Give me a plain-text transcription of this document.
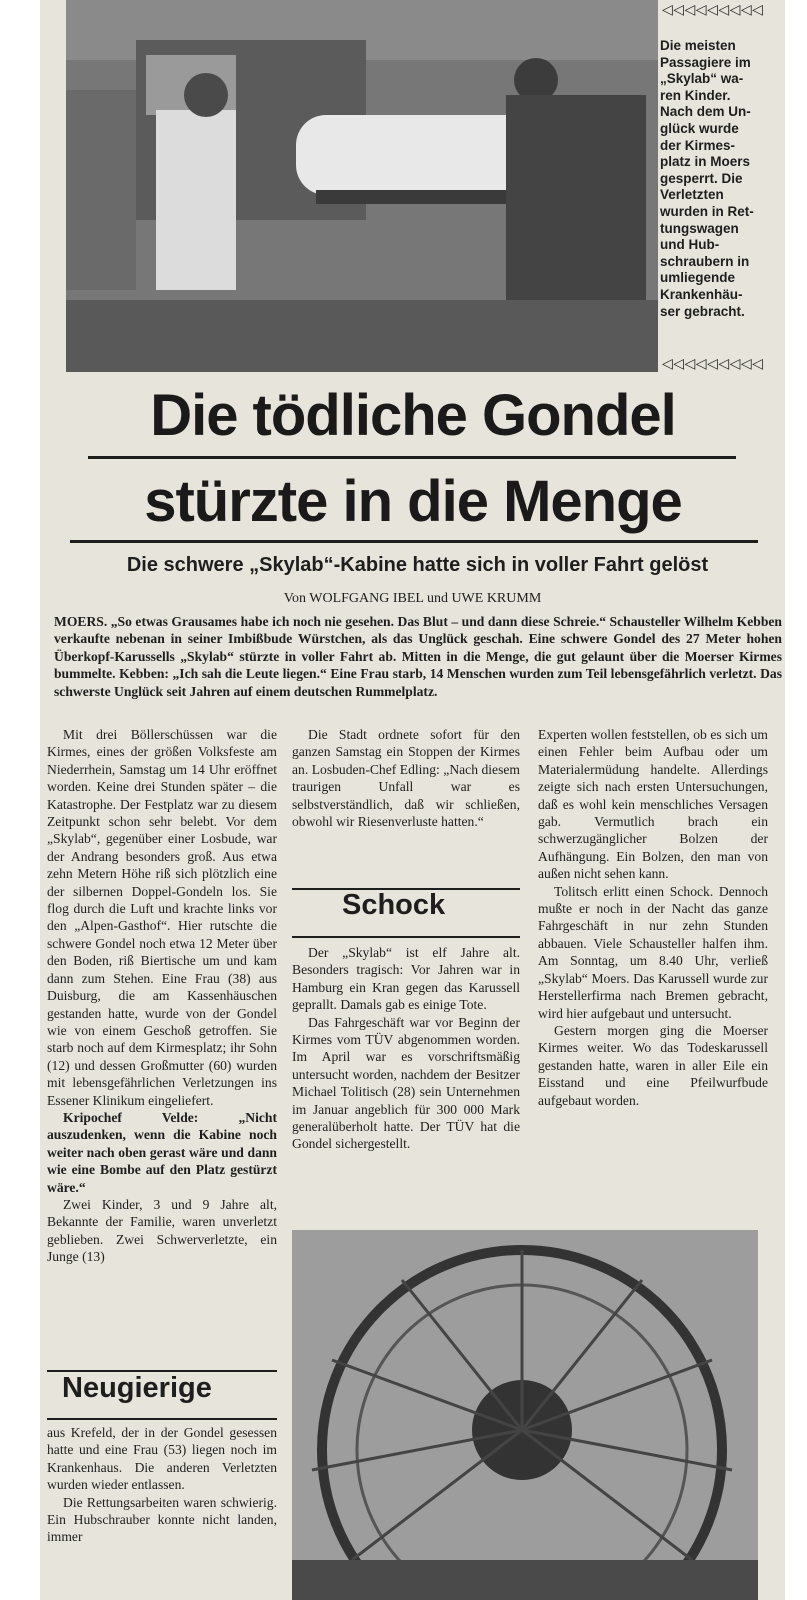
◁◁◁◁◁◁◁◁◁
Die meisten
Passagiere im
„Skylab“ wa-
ren Kinder.
Nach dem Un-
glück wurde
der Kirmes-
platz in Moers
gesperrt. Die
Verletzten
wurden in Ret-
tungswagen
und Hub-
schraubern in
umliegende
Krankenhäu-
ser gebracht.
◁◁◁◁◁◁◁◁◁
Die tödliche Gondel
stürzte in die Menge
Die schwere „Skylab“-Kabine hatte sich in voller Fahrt gelöst
Von WOLFGANG IBEL und UWE KRUMM
MOERS. „So etwas Grausames habe ich noch nie gesehen. Das Blut – und dann diese Schreie.“ Schausteller Wilhelm Kebben verkaufte nebenan in seiner Imbißbude Würstchen, als das Unglück geschah. Eine schwere Gondel des 27 Meter hohen Überkopf-Karussells „Skylab“ stürzte in voller Fahrt ab. Mitten in die Menge, die gut gelaunt über die Moerser Kirmes bummelte. Kebben: „Ich sah die Leute liegen.“ Eine Frau starb, 14 Menschen wurden zum Teil lebensgefährlich verletzt. Das schwerste Unglück seit Jahren auf einem deutschen Rummelplatz.

Mit drei Böllerschüssen war die Kirmes, eines der größen Volksfeste am Niederrhein, Samstag um 14 Uhr eröffnet worden. Keine drei Stunden später – die Katastrophe. Der Festplatz war zu diesem Zeitpunkt schon sehr belebt. Vor dem „Skylab“, gegenüber einer Losbude, war der Andrang besonders groß. Aus etwa zehn Metern Höhe riß sich plötzlich eine der silbernen Doppel-Gondeln los. Sie flog durch die Luft und krachte links vor den „Alpen-Gasthof“. Hier rutschte die schwere Gondel noch etwa 12 Meter über den Boden, riß Biertische um und kam dann zum Stehen. Eine Frau (38) aus Duisburg, die am Kassenhäuschen gestanden hatte, wurde von der Gondel wie von einem Geschoß getroffen. Sie starb noch auf dem Kirmesplatz; ihr Sohn (12) und dessen Großmutter (60) wurden mit lebensgefährlichen Verletzungen ins Essener Klinikum eingeliefert.

Kripochef Velde: „Nicht auszudenken, wenn die Kabine noch weiter nach oben gerast wäre und dann wie eine Bombe auf den Platz gestürzt wäre.“

Zwei Kinder, 3 und 9 Jahre alt, Bekannte der Familie, waren unverletzt geblieben. Zwei Schwerverletzte, ein Junge (13)

Neugierige

aus Krefeld, der in der Gondel gesessen hatte und eine Frau (53) liegen noch im Krankenhaus. Die anderen Verletzten wurden wieder entlassen.

Die Rettungsarbeiten waren schwierig. Ein Hubschrauber konnte nicht landen, immer

Die Stadt ordnete sofort für den ganzen Samstag ein Stoppen der Kirmes an. Losbuden-Chef Edling: „Nach diesem traurigen Unfall war es selbstverständlich, daß wir schließen, obwohl wir Riesenverluste hatten.“

Schock

Der „Skylab“ ist elf Jahre alt. Besonders tragisch: Vor Jahren war in Hamburg ein Kran gegen das Karussell geprallt. Damals gab es einige Tote.

Das Fahrgeschäft war vor Beginn der Kirmes vom TÜV abgenommen worden. Im April war es vorschriftsmäßig untersucht worden, nachdem der Besitzer Michael Tolitisch (28) sein Unternehmen im Januar angeblich für 300 000 Mark generalüberholt hatte. Der TÜV hat die Gondel sichergestellt.

Experten wollen feststellen, ob es sich um einen Fehler beim Aufbau oder um Materialermüdung handelte. Allerdings zeigte sich nach ersten Untersuchungen, daß es wohl kein menschliches Versagen gab. Vermutlich brach ein schwerzugänglicher Bolzen der Aufhängung. Ein Bolzen, den man von außen nicht sehen kann.

Tolitsch erlitt einen Schock. Dennoch mußte er noch in der Nacht das ganze Fahrgeschäft in nur zehn Stunden abbauen. Viele Schausteller halfen ihm. Am Sonntag, um 8.40 Uhr, verließ „Skylab“ Moers. Das Karussell wurde zur Herstellerfirma nach Bremen gebracht, wird hier aufgebaut und untersucht.

Gestern morgen ging die Moerser Kirmes weiter. Wo das Todeskarussell gestanden hatte, waren in aller Eile ein Eisstand und eine Pfeilwurfbude aufgebaut worden.
